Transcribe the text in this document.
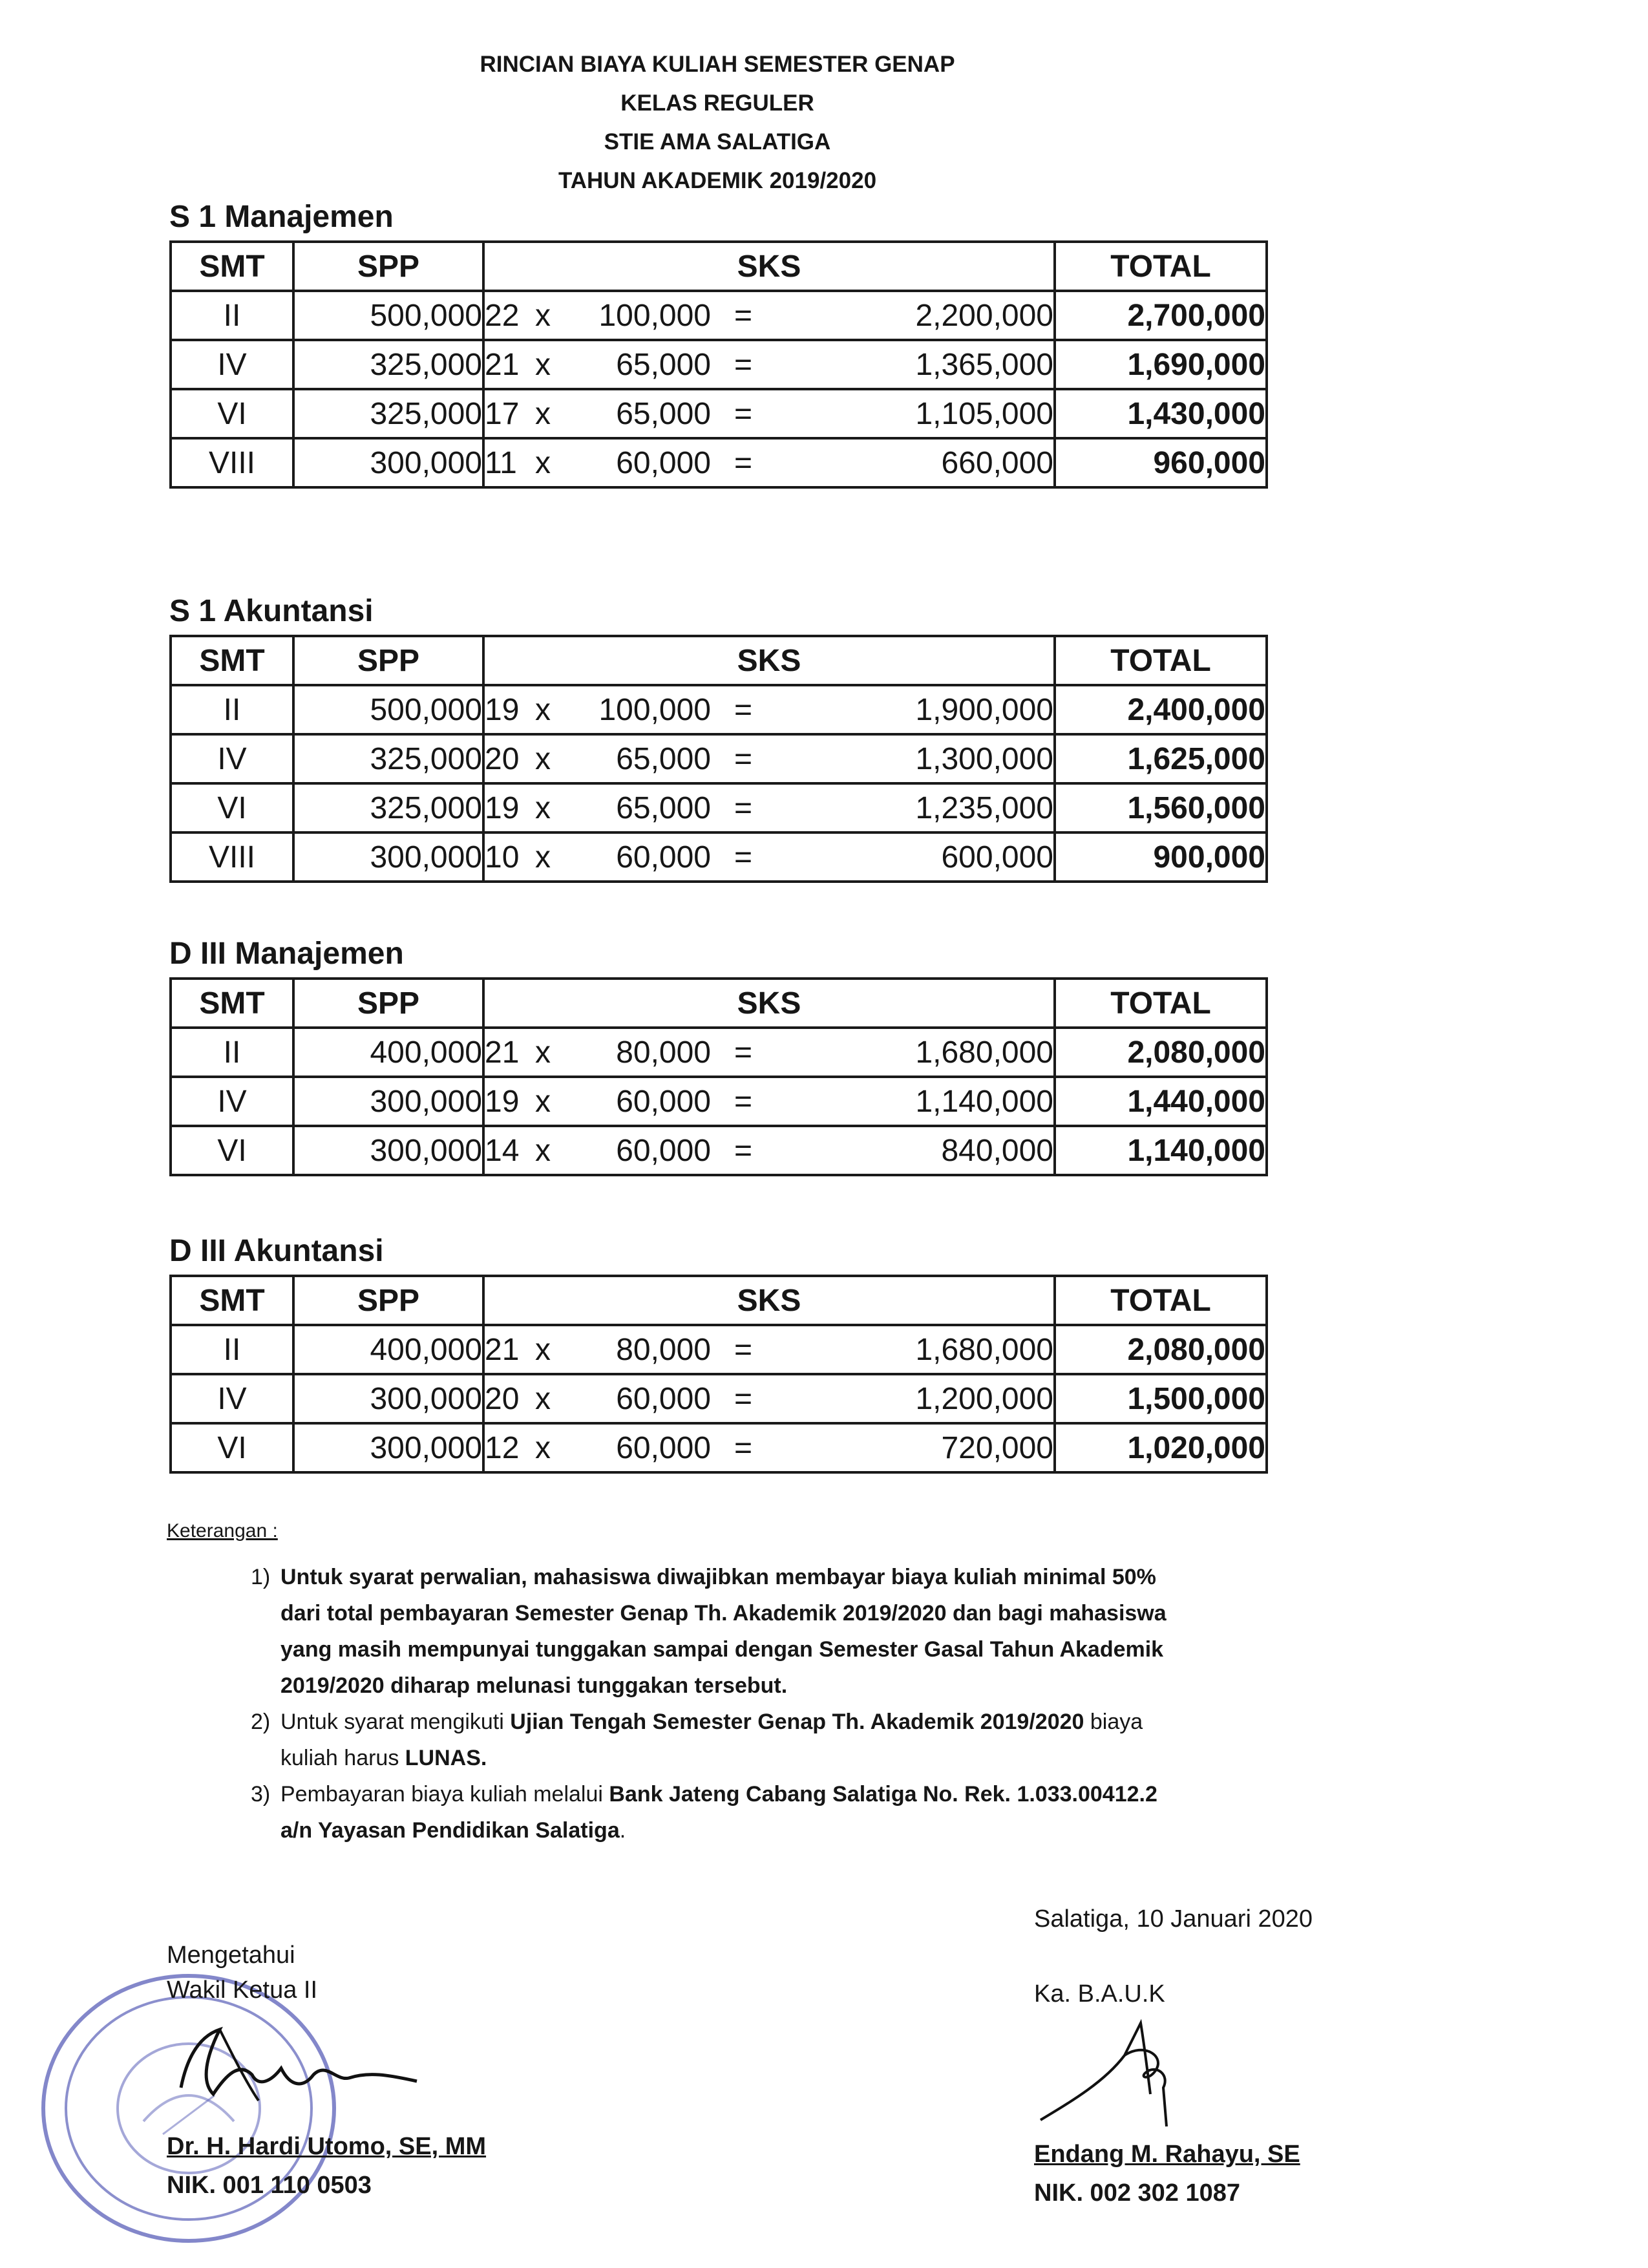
RINCIAN BIAYA KULIAH SEMESTER GENAP
KELAS REGULER
STIE AMA SALATIGA
TAHUN AKADEMIK 2019/2020
S 1 Manajemen
SMT	SPP	SKS	TOTAL
II	500,000	22 x 100,000 = 2,200,000	2,700,000
IV	325,000	21 x 65,000 = 1,365,000	1,690,000
VI	325,000	17 x 65,000 = 1,105,000	1,430,000
VIII	300,000	11 x 60,000 = 660,000	960,000
S 1 Akuntansi
SMT	SPP	SKS	TOTAL
II	500,000	19 x 100,000 = 1,900,000	2,400,000
IV	325,000	20 x 65,000 = 1,300,000	1,625,000
VI	325,000	19 x 65,000 = 1,235,000	1,560,000
VIII	300,000	10 x 60,000 = 600,000	900,000
D III Manajemen
SMT	SPP	SKS	TOTAL
II	400,000	21 x 80,000 = 1,680,000	2,080,000
IV	300,000	19 x 60,000 = 1,140,000	1,440,000
VI	300,000	14 x 60,000 = 840,000	1,140,000
D III Akuntansi
SMT	SPP	SKS	TOTAL
II	400,000	21 x 80,000 = 1,680,000	2,080,000
IV	300,000	20 x 60,000 = 1,200,000	1,500,000
VI	300,000	12 x 60,000 = 720,000	1,020,000
Keterangan :
1) Untuk syarat perwalian, mahasiswa diwajibkan membayar biaya kuliah minimal 50%
dari total pembayaran Semester Genap Th. Akademik 2019/2020 dan bagi mahasiswa
yang masih mempunyai tunggakan sampai dengan Semester Gasal Tahun Akademik
2019/2020 diharap melunasi tunggakan tersebut.
2) Untuk syarat mengikuti Ujian Tengah Semester Genap Th. Akademik 2019/2020 biaya
kuliah harus LUNAS.
3) Pembayaran biaya kuliah melalui Bank Jateng Cabang Salatiga No. Rek. 1.033.00412.2
a/n Yayasan Pendidikan Salatiga.
Mengetahui
Wakil Ketua II
Dr. H. Hardi Utomo, SE, MM
NIK. 001 110 0503
Salatiga, 10 Januari 2020
Ka. B.A.U.K
Endang M. Rahayu, SE
NIK. 002 302 1087
